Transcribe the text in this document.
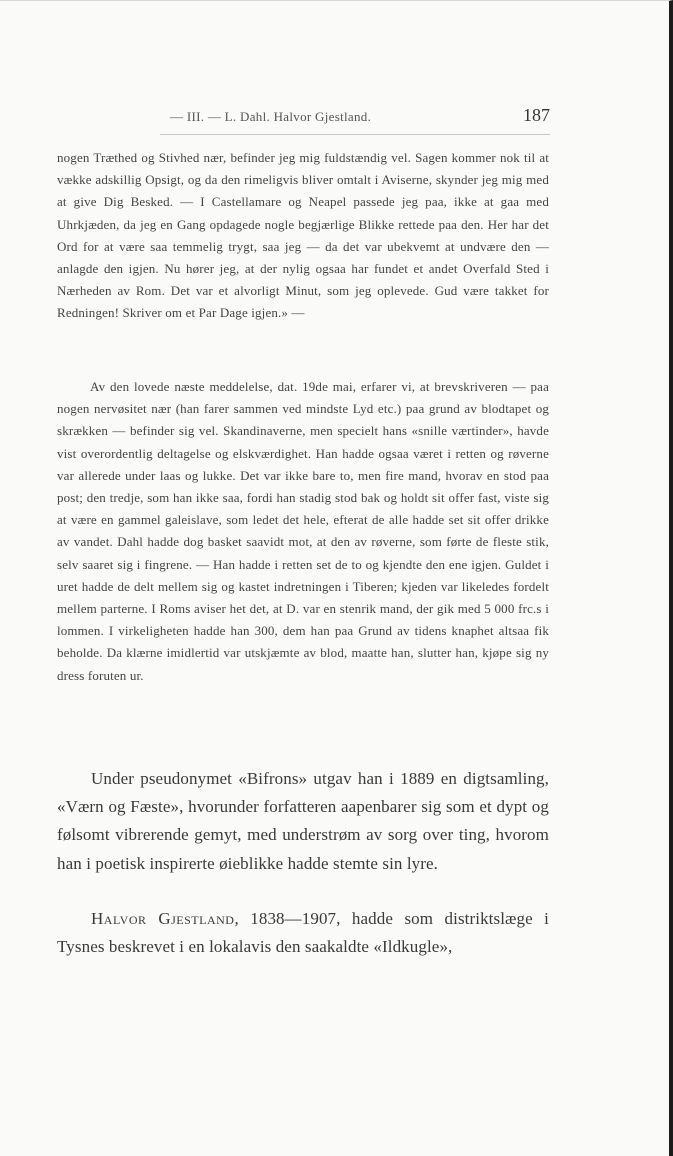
— III. — L. Dahl. Halvor Gjestland.	187

nogen Træthed og Stivhed nær, befinder jeg mig fuldstændig vel. Sagen kommer nok til at vække adskillig Opsigt, og da den rimeligvis bliver omtalt i Aviserne, skynder jeg mig med at give Dig Besked. — I Castellamare og Neapel passede jeg paa, ikke at gaa med Uhrkjæden, da jeg en Gang opdagede nogle begjærlige Blikke rettede paa den. Her har det Ord for at være saa temmelig trygt, saa jeg — da det var ubekvemt at undvære den — anlagde den igjen. Nu hører jeg, at der nylig ogsaa har fundet et andet Overfald Sted i Nærheden av Rom. Det var et alvorligt Minut, som jeg oplevede. Gud være takket for Redningen! Skriver om et Par Dage igjen.» —

Av den lovede næste meddelelse, dat. 19de mai, erfarer vi, at brevskriveren — paa nogen nervøsitet nær (han farer sammen ved mindste Lyd etc.) paa grund av blodtapet og skrækken — befinder sig vel. Skandinaverne, men specielt hans «snille værtinder», havde vist overordentlig deltagelse og elskværdighet. Han hadde ogsaa været i retten og røverne var allerede under laas og lukke. Det var ikke bare to, men fire mand, hvorav en stod paa post; den tredje, som han ikke saa, fordi han stadig stod bak og holdt sit offer fast, viste sig at være en gammel galeislave, som ledet det hele, efterat de alle hadde set sit offer drikke av vandet. Dahl hadde dog basket saavidt mot, at den av røverne, som førte de fleste stik, selv saaret sig i fingrene. — Han hadde i retten set de to og kjendte den ene igjen. Guldet i uret hadde de delt mellem sig og kastet indretningen i Tiberen; kjeden var likeledes fordelt mellem parterne. I Roms aviser het det, at D. var en stenrik mand, der gik med 5 000 frc.s i lommen. I virkeligheten hadde han 300, dem han paa Grund av tidens knaphet altsaa fik beholde. Da klærne imidlertid var utskjæmte av blod, maatte han, slutter han, kjøpe sig ny dress foruten ur.

Under pseudonymet «Bifrons» utgav han i 1889 en digtsamling, «Værn og Fæste», hvorunder forfatteren aapenbarer sig som et dypt og følsomt vibrerende gemyt, med understrøm av sorg over ting, hvorom han i poetisk inspirerte øieblikke hadde stemte sin lyre.

Halvor Gjestland, 1838—1907, hadde som distriktslæge i Tysnes beskrevet i en lokalavis den saakaldte «Ildkugle»,
